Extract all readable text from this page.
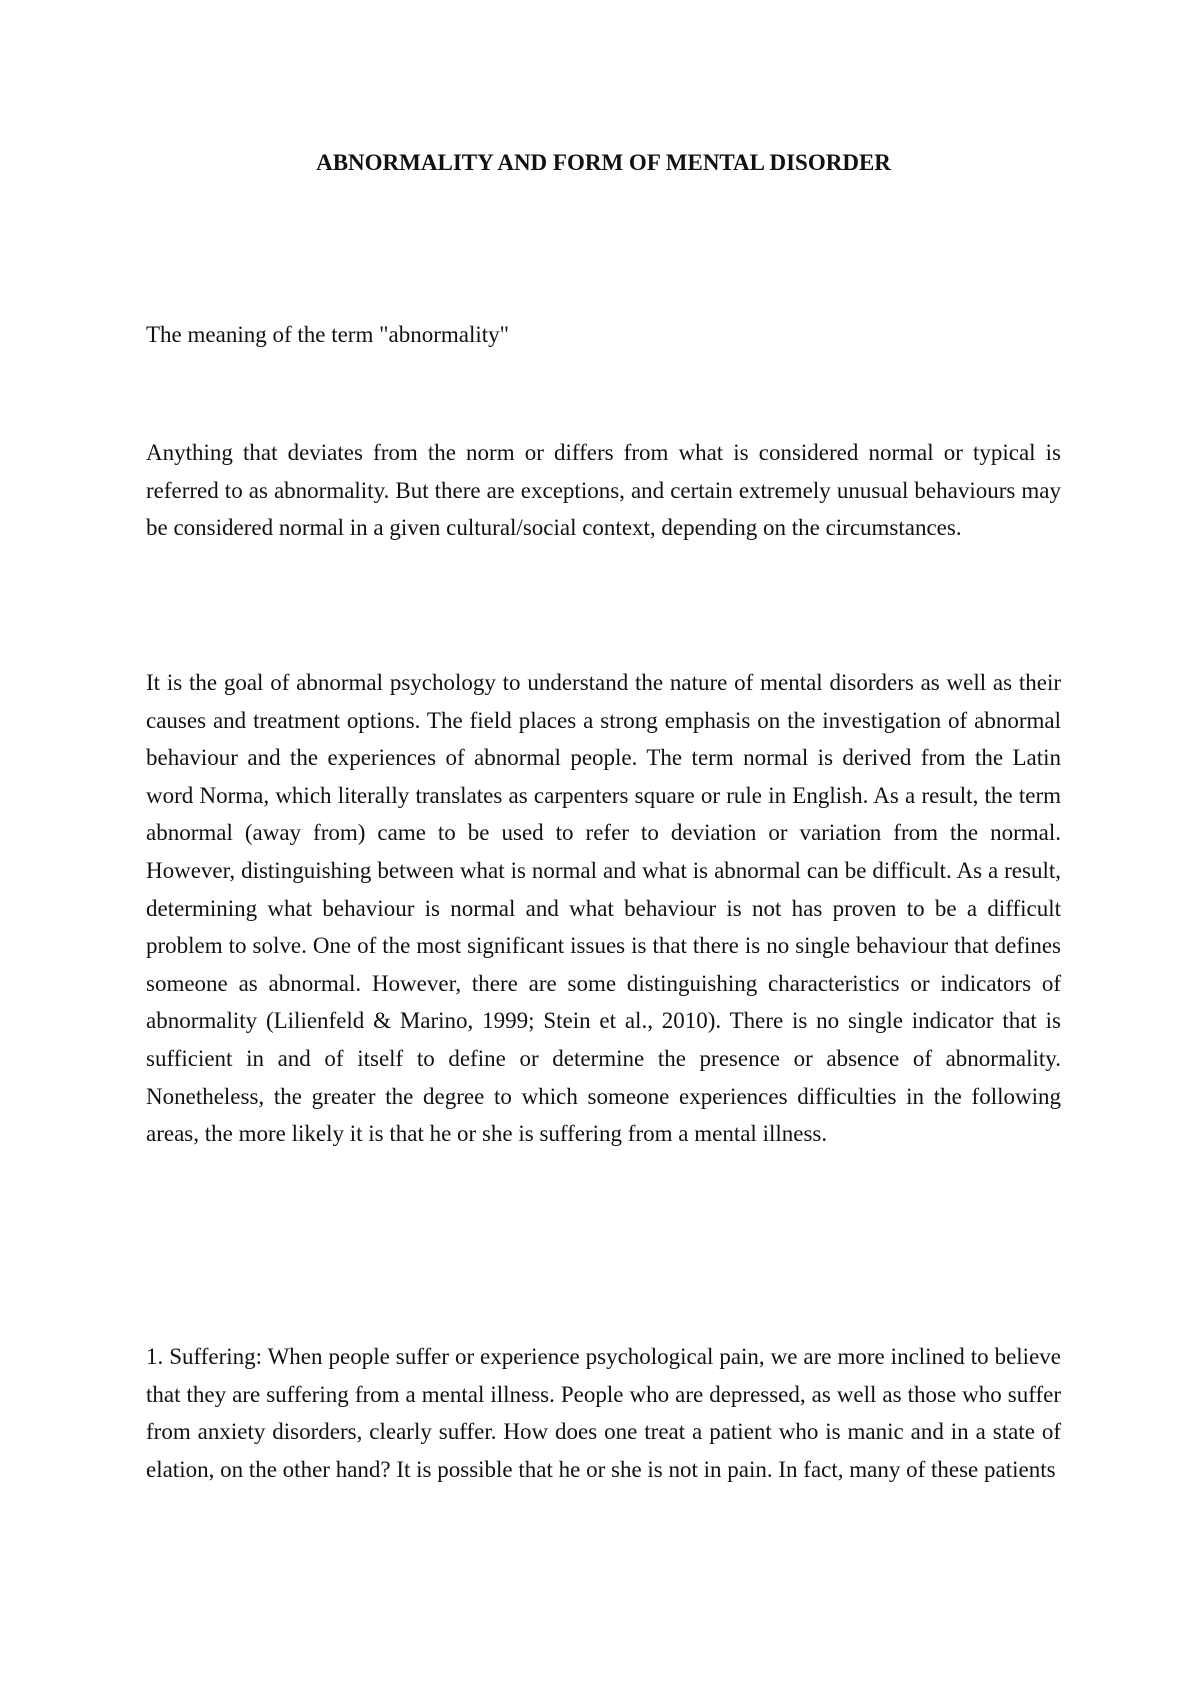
ABNORMALITY AND FORM OF MENTAL DISORDER

The meaning of the term "abnormality"

Anything that deviates from the norm or differs from what is considered normal or typical is referred to as abnormality. But there are exceptions, and certain extremely unusual behaviours may be considered normal in a given cultural/social context, depending on the circumstances.

It is the goal of abnormal psychology to understand the nature of mental disorders as well as their causes and treatment options. The field places a strong emphasis on the investigation of abnormal behaviour and the experiences of abnormal people. The term normal is derived from the Latin word Norma, which literally translates as carpenters square or rule in English. As a result, the term abnormal (away from) came to be used to refer to deviation or variation from the normal. However, distinguishing between what is normal and what is abnormal can be difficult. As a result, determining what behaviour is normal and what behaviour is not has proven to be a difficult problem to solve. One of the most significant issues is that there is no single behaviour that defines someone as abnormal. However, there are some distinguishing characteristics or indicators of abnormality (Lilienfeld & Marino, 1999; Stein et al., 2010). There is no single indicator that is sufficient in and of itself to define or determine the presence or absence of abnormality. Nonetheless, the greater the degree to which someone experiences difficulties in the following areas, the more likely it is that he or she is suffering from a mental illness.

1. Suffering: When people suffer or experience psychological pain, we are more inclined to believe that they are suffering from a mental illness. People who are depressed, as well as those who suffer from anxiety disorders, clearly suffer. How does one treat a patient who is manic and in a state of elation, on the other hand? It is possible that he or she is not in pain. In fact, many of these patients
